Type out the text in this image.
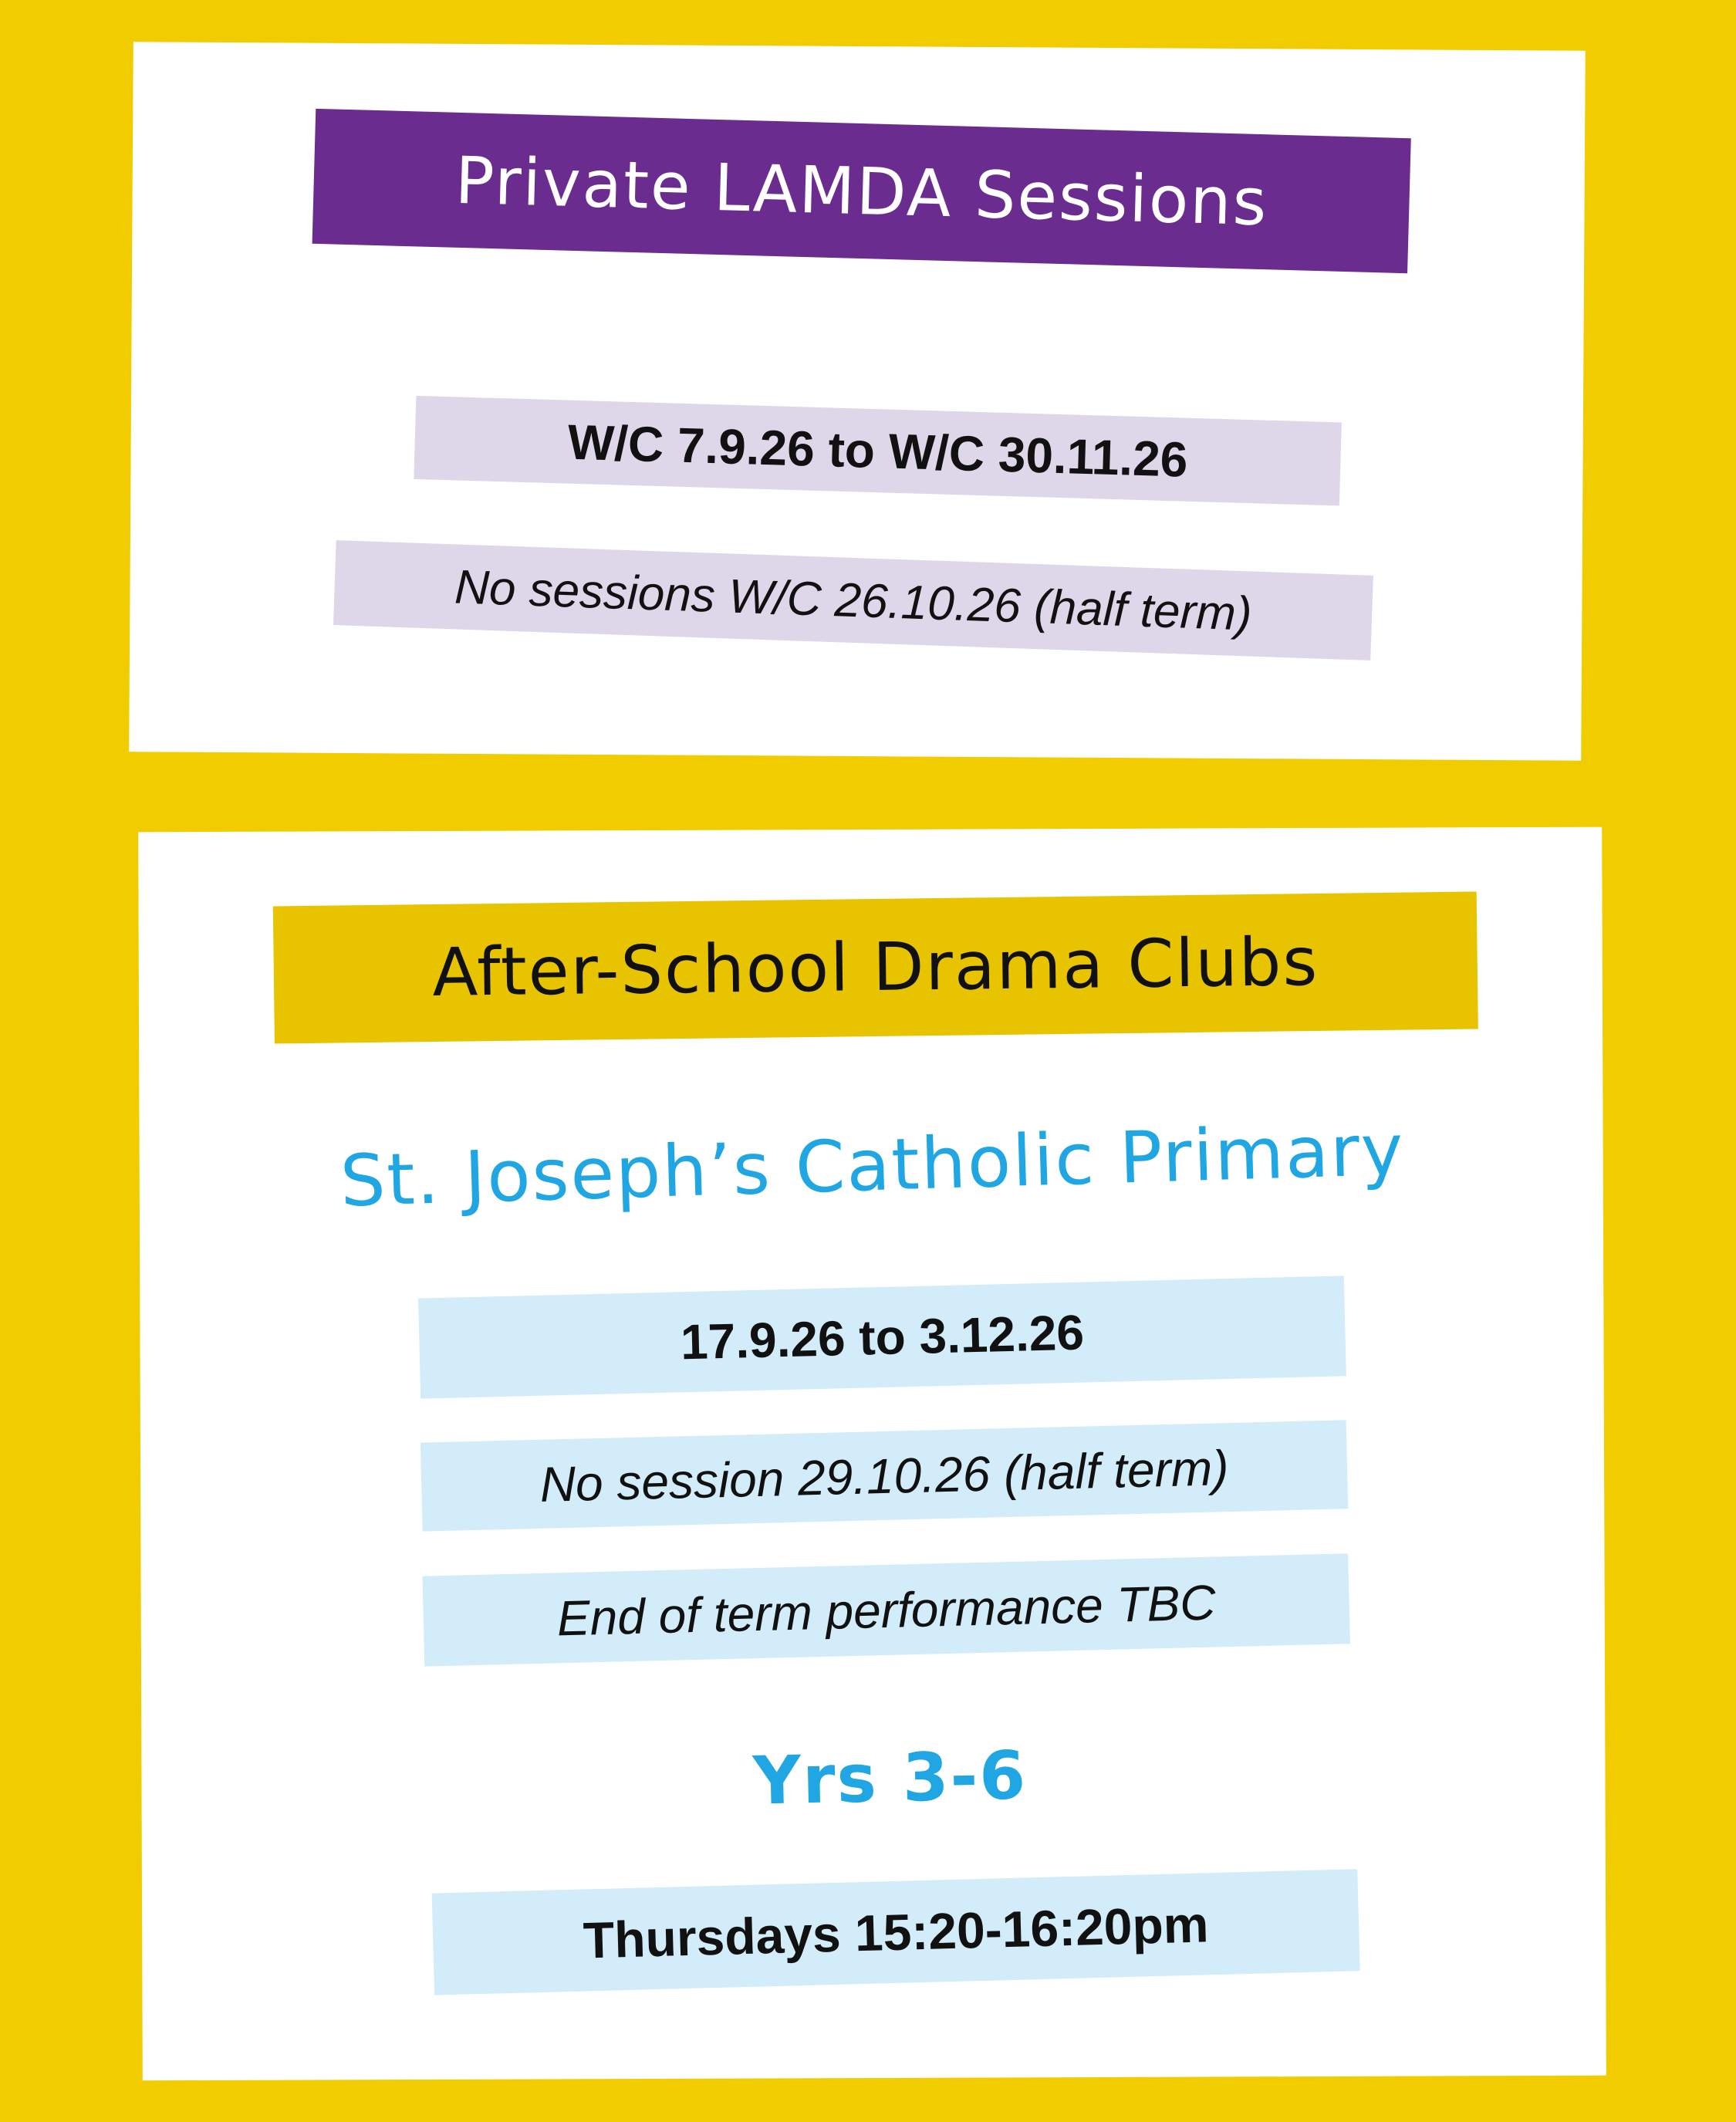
Private LAMDA Sessions
W/C 7.9.26 to W/C 30.11.26
No sessions W/C 26.10.26 (half term)
After-School Drama Clubs
St. Joseph’s Catholic Primary
17.9.26 to 3.12.26
No session 29.10.26 (half term)
End of term performance TBC
Yrs 3-6
Thursdays 15:20-16:20pm
